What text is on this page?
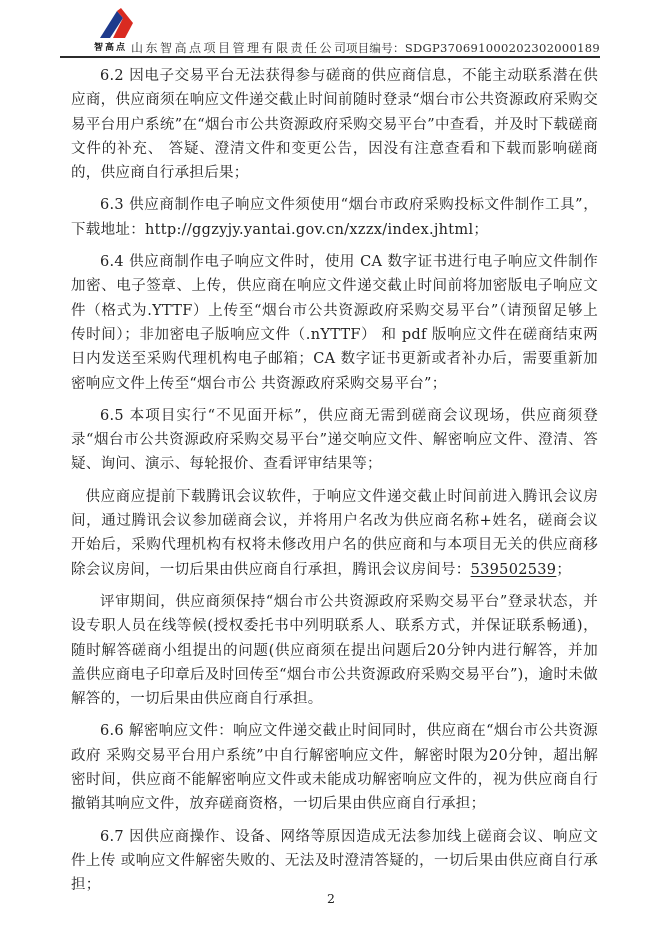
智高点 山东智高点项目管理有限责任公司
项目编号：SDGP370691000202302000189

6.2 因电子交易平台无法获得参与磋商的供应商信息，不能主动联系潜在供应商，供应商须在响应文件递交截止时间前随时登录“烟台市公共资源政府采购交易平台用户系统”在“烟台市公共资源政府采购交易平台”中查看，并及时下载磋商文件的补充、 答疑、澄清文件和变更公告，因没有注意查看和下载而影响磋商的，供应商自行承担后果；

6.3 供应商制作电子响应文件须使用“烟台市政府采购投标文件制作工具”，下载地址：http://ggzyjy.yantai.gov.cn/xzzx/index.jhtml；

6.4 供应商制作电子响应文件时，使用 CA 数字证书进行电子响应文件制作加密、电子签章、上传，供应商在响应文件递交截止时间前将加密版电子响应文件（格式为.YTTF）上传至“烟台市公共资源政府采购交易平台”（请预留足够上传时间）；非加密电子版响应文件（.nYTTF） 和 pdf 版响应文件在磋商结束两日内发送至采购代理机构电子邮箱；CA 数字证书更新或者补办后，需要重新加密响应文件上传至“烟台市公 共资源政府采购交易平台”；

6.5 本项目实行“不见面开标”，供应商无需到磋商会议现场，供应商须登录“烟台市公共资源政府采购交易平台”递交响应文件、解密响应文件、澄清、答疑、询问、演示、每轮报价、查看评审结果等；

供应商应提前下载腾讯会议软件，于响应文件递交截止时间前进入腾讯会议房间，通过腾讯会议参加磋商会议，并将用户名改为供应商名称+姓名，磋商会议开始后，采购代理机构有权将未修改用户名的供应商和与本项目无关的供应商移除会议房间，一切后果由供应商自行承担，腾讯会议房间号：539502539；

评审期间，供应商须保持“烟台市公共资源政府采购交易平台”登录状态，并设专职人员在线等候(授权委托书中列明联系人、联系方式，并保证联系畅通)，随时解答磋商小组提出的问题(供应商须在提出问题后20分钟内进行解答，并加盖供应商电子印章后及时回传至“烟台市公共资源政府采购交易平台”)，逾时未做解答的，一切后果由供应商自行承担。

6.6 解密响应文件：响应文件递交截止时间同时，供应商在“烟台市公共资源政府 采购交易平台用户系统”中自行解密响应文件，解密时限为20分钟，超出解密时间，供应商不能解密响应文件或未能成功解密响应文件的，视为供应商自行撤销其响应文件，放弃磋商资格，一切后果由供应商自行承担；

6.7 因供应商操作、设备、网络等原因造成无法参加线上磋商会议、响应文件上传 或响应文件解密失败的、无法及时澄清答疑的，一切后果由供应商自行承担；

2
